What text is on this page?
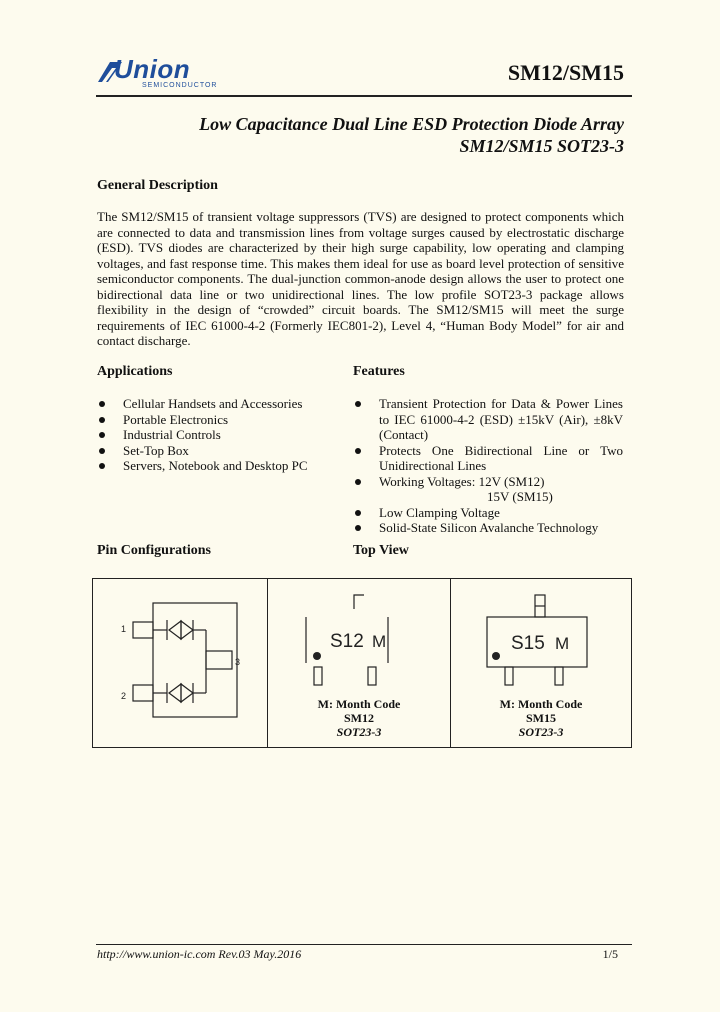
Union
SEMICONDUCTOR
SM12/SM15
Low Capacitance Dual Line ESD Protection Diode Array
SM12/SM15 SOT23-3
General Description
The SM12/SM15 of transient voltage suppressors (TVS) are designed to protect components which are connected to data and transmission lines from voltage surges caused by electrostatic discharge (ESD). TVS diodes are characterized by their high surge capability, low operating and clamping voltages, and fast response time. This makes them ideal for use as board level protection of sensitive semiconductor components. The dual-junction common-anode design allows the user to protect one bidirectional data line or two unidirectional lines. The low profile SOT23-3 package allows flexibility in the design of “crowded” circuit boards. The SM12/SM15 will meet the surge requirements of IEC 61000-4-2 (Formerly IEC801-2), Level 4, “Human Body Model” for air and contact discharge.
Applications
Cellular Handsets and Accessories
Portable Electronics
Industrial Controls
Set-Top Box
Servers, Notebook and Desktop PC
Features
Transient Protection for Data & Power Lines to IEC 61000-4-2 (ESD) ±15kV (Air), ±8kV (Contact)
Protects One Bidirectional Line or Two Unidirectional Lines
Working Voltages: 12V (SM12)
15V (SM15)
Low Clamping Voltage
Solid-State Silicon Avalanche Technology
Pin Configurations	Top View
1
2
3
S12 M
M: Month Code
SM12
SOT23-3
S15 M
M: Month Code
SM15
SOT23-3
http://www.union-ic.com Rev.03 May.2016	1/5
